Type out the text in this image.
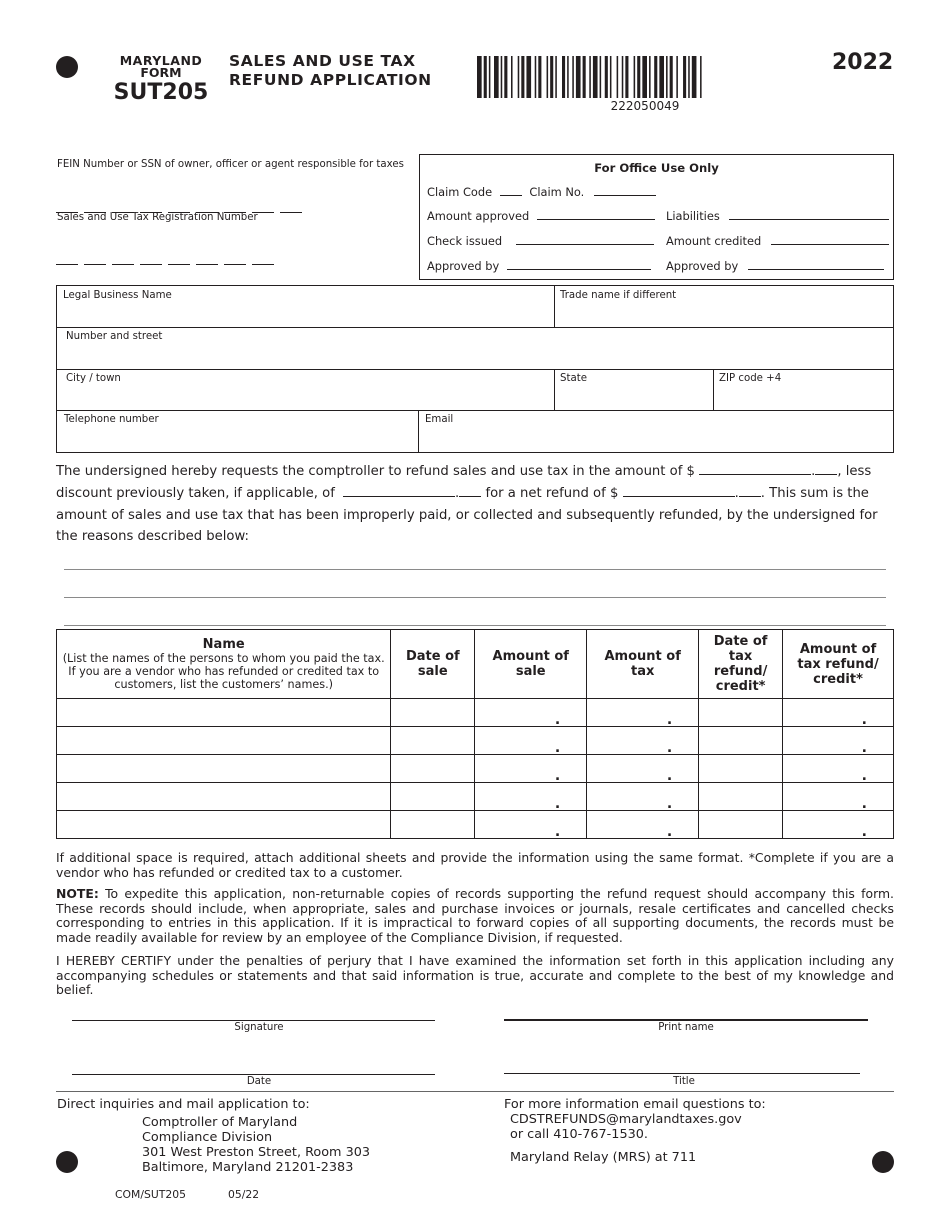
MARYLAND
FORM
SUT205
SALES AND USE TAX
REFUND APPLICATION
222050049
2022
FEIN Number or SSN of owner, officer or agent responsible for taxes
Sales and Use Tax Registration Number
For Office Use Only
Claim Code	Claim No.
Amount approved	Liabilities
Check issued	Amount credited
Approved by	Approved by
Legal Business Name	Trade name if different
Number and street
City / town	State	ZIP code +4
Telephone number	Email
The undersigned hereby requests the comptroller to refund sales and use tax in the amount of $	. , less
discount previously taken, if applicable, of	. for a net refund of $	. . This sum is the
amount of sales and use tax that has been improperly paid, or collected and subsequently refunded, by the undersigned for the reasons described below:
Name
(List the names of the persons to whom you paid the tax. If you are a vendor who has refunded or credited tax to customers, list the customers’ names.)	Date of sale	Amount of sale	Amount of tax	Date of tax refund/ credit*	Amount of tax refund/ credit*
		.	.		.
		.	.		.
		.	.		.
		.	.		.
		.	.		.
If additional space is required, attach additional sheets and provide the information using the same format. *Complete if you are a vendor who has refunded or credited tax to a customer.
NOTE: To expedite this application, non-returnable copies of records supporting the refund request should accompany this form. These records should include, when appropriate, sales and purchase invoices or journals, resale certificates and cancelled checks corresponding to entries in this application. If it is impractical to forward copies of all supporting documents, the records must be made readily available for review by an employee of the Compliance Division, if requested.
I HEREBY CERTIFY under the penalties of perjury that I have examined the information set forth in this application including any accompanying schedules or statements and that said information is true, accurate and complete to the best of my knowledge and belief.
Signature	Print name
Date	Title
Direct inquiries and mail application to:
Comptroller of Maryland
Compliance Division
301 West Preston Street, Room 303
Baltimore, Maryland 21201-2383
For more information email questions to:
CDSTREFUNDS@marylandtaxes.gov
or call 410-767-1530.
Maryland Relay (MRS) at 711
COM/SUT205	05/22
